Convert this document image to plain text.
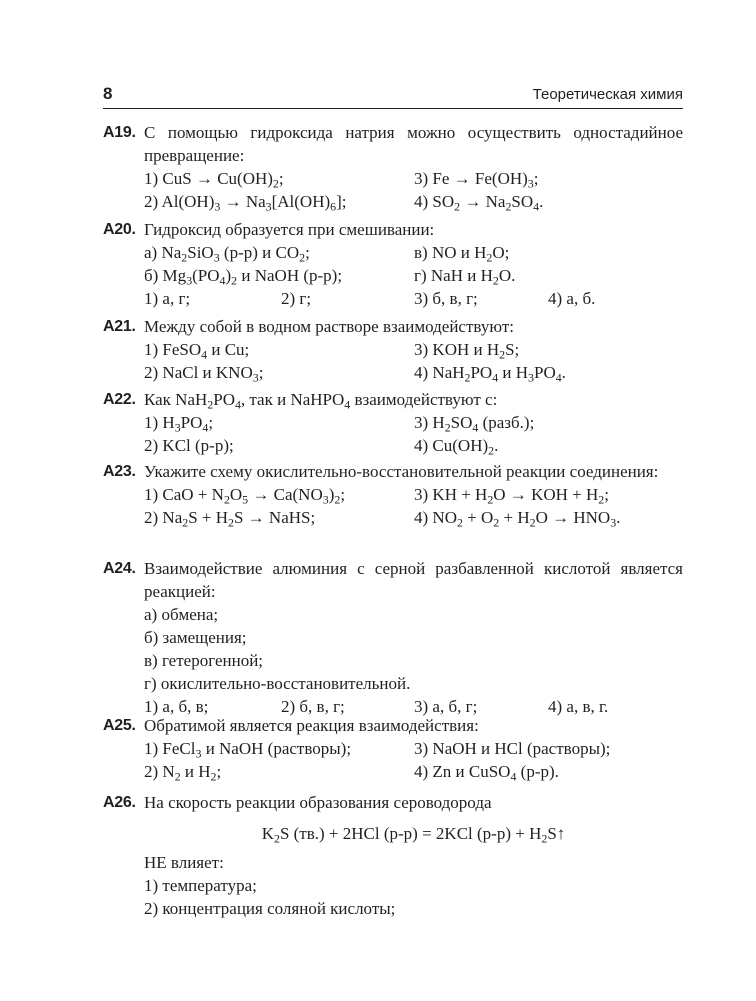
8	Теоретическая химия
A19. С помощью гидроксида натрия можно осуществить одностадийное превращение:
1) CuS → $Cu(OH)_2$;	3) $Fe \to Fe(OH)_3$;
2) $Al(OH)_3 \to Na_3[Al(OH)_6]$;	4) $SO_2 \to Na_2SO_4$.
A20. Гидроксид образуется при смешивании:
а) $Na_2SiO_3$ (р-р) и $CO_2$;	в) NO и $H_2O$;
б) $Mg_3(PO_4)_2$ и NaOH (р-р);	г) NaH и $H_2O$.
1) а, г;	2) г;	3) б, в, г;	4) а, б.
A21. Между собой в водном растворе взаимодействуют:
1) FeSO$_4$ и Cu;	3) KOH и $H_2S$;
2) NaCl и $KNO_3$;	4) $NaH_2PO_4$ и $H_3PO_4$.
A22. Как $NaH_2PO_4$, так и NaHPO$_4$ взаимодействуют с:
1) $H_3PO_4$;	3) $H_2SO_4$ (разб.);
2) KCl (р-р);	4) $Cu(OH)_2$.
A23. Укажите схему окислительно-восстановительной реакции соединения:
1) CaO + $N_2O_5 \to Ca(NO_3)_2$;	3) KH + $H_2O$ → KOH + $H_2$;
2) $Na_2S + H_2S$ → NaHS;	4) $NO_2 + O_2 + H_2O \to HNO_3$.
A24. Взаимодействие алюминия с серной разбавленной кислотой является реакцией:
а) обмена;
б) замещения;
в) гетерогенной;
г) окислительно-восстановительной.
1) а, б, в;	2) б, в, г;	3) а, б, г;	4) а, в, г.
A25. Обратимой является реакция взаимодействия:
1) FeCl$_3$ и NaOH (растворы);	3) NaOH и HCl (растворы);
2) $N_2$ и $H_2$;	4) Zn и CuSO$_4$ (р-р).
A26. На скорость реакции образования сероводорода
$K_2S$ (тв.) + 2HCl (р-р) = 2KCl $(р-р) + H_2S↑$
НЕ влияет:
1) температура;
2) концентрация соляной кислоты;
